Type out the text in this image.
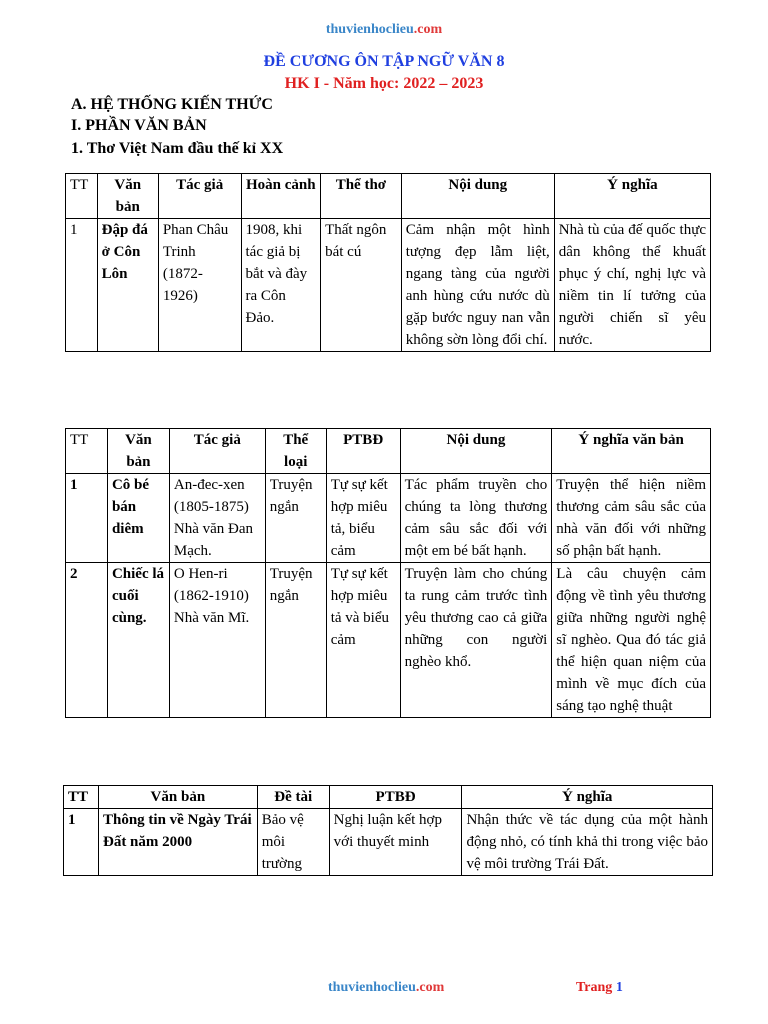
thuvienhoclieu.com
ĐỀ CƯƠNG ÔN TẬP NGỮ VĂN 8
HK I - Năm học: 2022 – 2023
A. HỆ THỐNG KIẾN THỨC
I. PHẦN VĂN BẢN
1. Thơ Việt Nam đầu thế kỉ XX
TT	Văn bản	Tác giả	Hoàn cảnh	Thể thơ	Nội dung	Ý nghĩa
1	Đập đá ở Côn Lôn	Phan Châu Trinh (1872-1926)	1908, khi tác giả bị bắt và đày ra Côn Đảo.	Thất ngôn bát cú	Cảm nhận một hình tượng đẹp lẫm liệt, ngang tàng của người anh hùng cứu nước dù gặp bước nguy nan vẫn không sờn lòng đổi chí.	Nhà tù của đế quốc thực dân không thể khuất phục ý chí, nghị lực và niềm tin lí tưởng của người chiến sĩ yêu nước.
TT	Văn bản	Tác giả	Thể loại	PTBĐ	Nội dung	Ý nghĩa văn bản
1	Cô bé bán diêm	An-đec-xen (1805-1875) Nhà văn Đan Mạch.	Truyện ngắn	Tự sự kết hợp miêu tả, biểu cảm	Tác phẩm truyền cho chúng ta lòng thương cảm sâu sắc đối với một em bé bất hạnh.	Truyện thể hiện niềm thương cảm sâu sắc của nhà văn đối với những số phận bất hạnh.
2	Chiếc lá cuối cùng.	O Hen-ri (1862-1910) Nhà văn Mĩ.	Truyện ngắn	Tự sự kết hợp miêu tả và biểu cảm	Truyện làm cho chúng ta rung cảm trước tình yêu thương cao cả giữa những con người nghèo khổ.	Là câu chuyện cảm động về tình yêu thương giữa những người nghệ sĩ nghèo. Qua đó tác giả thể hiện quan niệm của mình về mục đích của sáng tạo nghệ thuật
TT	Văn bản	Đề tài	PTBĐ	Ý nghĩa
1	Thông tin về Ngày Trái Đất năm 2000	Bảo vệ môi trường	Nghị luận kết hợp với thuyết minh	Nhận thức về tác dụng của một hành động nhỏ, có tính khả thi trong việc bảo vệ môi trường Trái Đất.
thuvienhoclieu.com	Trang 1
